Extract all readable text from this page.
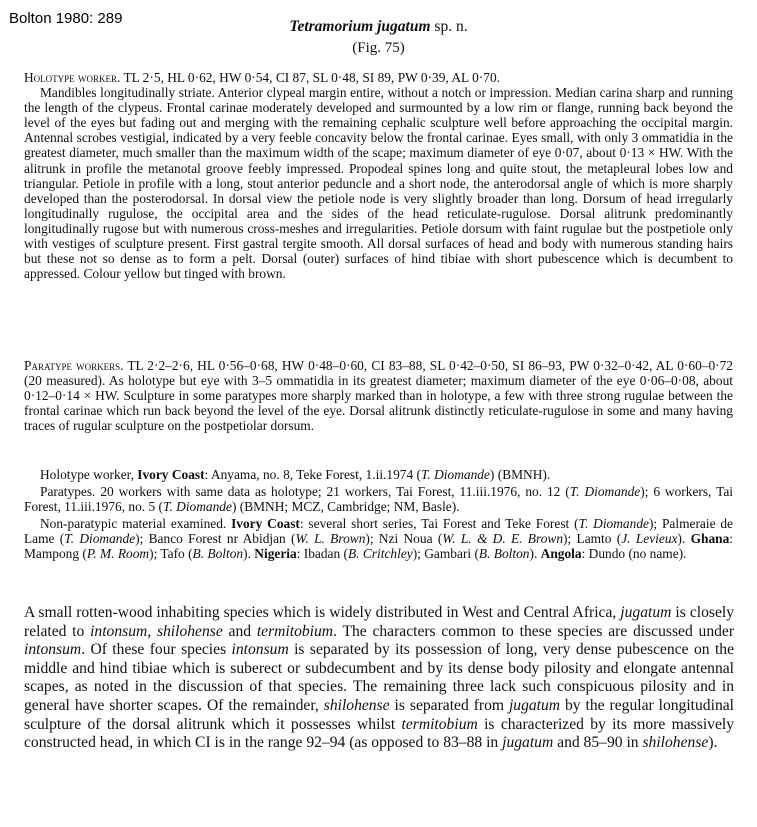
Bolton 1980: 289	Tetramorium jugatum sp. n.
(Fig. 75)

Holotype worker. TL 2·5, HL 0·62, HW 0·54, CI 87, SL 0·48, SI 89, PW 0·39, AL 0·70.

Mandibles longitudinally striate. Anterior clypeal margin entire, without a notch or impression. Median carina sharp and running the length of the clypeus. Frontal carinae moderately developed and surmounted by a low rim or flange, running back beyond the level of the eyes but fading out and merging with the remaining cephalic sculpture well before approaching the occipital margin. Antennal scrobes vestigial, indicated by a very feeble concavity below the frontal carinae. Eyes small, with only 3 ommatidia in the greatest diameter, much smaller than the maximum width of the scape; maximum diameter of eye 0·07, about 0·13 × HW. With the alitrunk in profile the metanotal groove feebly impressed. Propodeal spines long and quite stout, the metapleural lobes low and triangular. Petiole in profile with a long, stout anterior peduncle and a short node, the anterodorsal angle of which is more sharply developed than the posterodorsal. In dorsal view the petiole node is very slightly broader than long. Dorsum of head irregularly longitudinally rugulose, the occipital area and the sides of the head reticulate-rugulose. Dorsal alitrunk predominantly longitudinally rugose but with numerous cross-meshes and irregularities. Petiole dorsum with faint rugulae but the postpetiole only with vestiges of sculpture present. First gastral tergite smooth. All dorsal surfaces of head and body with numerous standing hairs but these not so dense as to form a pelt. Dorsal (outer) surfaces of hind tibiae with short pubescence which is decumbent to appressed. Colour yellow but tinged with brown.

Paratype workers. TL 2·2–2·6, HL 0·56–0·68, HW 0·48–0·60, CI 83–88, SL 0·42–0·50, SI 86–93, PW 0·32–0·42, AL 0·60–0·72 (20 measured). As holotype but eye with 3–5 ommatidia in its greatest diameter; maximum diameter of the eye 0·06–0·08, about 0·12–0·14 × HW. Sculpture in some paratypes more sharply marked than in holotype, a few with three strong rugulae between the frontal carinae which run back beyond the level of the eye. Dorsal alitrunk distinctly reticulate-rugulose in some and many having traces of rugular sculpture on the postpetiolar dorsum.

Holotype worker, Ivory Coast: Anyama, no. 8, Teke Forest, 1.ii.1974 (T. Diomande) (BMNH).

Paratypes. 20 workers with same data as holotype; 21 workers, Tai Forest, 11.iii.1976, no. 12 (T. Diomande); 6 workers, Tai Forest, 11.iii.1976, no. 5 (T. Diomande) (BMNH; MCZ, Cambridge; NM, Basle).

Non-paratypic material examined. Ivory Coast: several short series, Tai Forest and Teke Forest (T. Diomande); Palmeraie de Lame (T. Diomande); Banco Forest nr Abidjan (W. L. Brown); Nzi Noua (W. L. & D. E. Brown); Lamto (J. Levieux). Ghana: Mampong (P. M. Room); Tafo (B. Bolton). Nigeria: Ibadan (B. Critchley); Gambari (B. Bolton). Angola: Dundo (no name).

A small rotten-wood inhabiting species which is widely distributed in West and Central Africa, jugatum is closely related to intonsum, shilohense and termitobium. The characters common to these species are discussed under intonsum. Of these four species intonsum is separated by its possession of long, very dense pubescence on the middle and hind tibiae which is suberect or subdecumbent and by its dense body pilosity and elongate antennal scapes, as noted in the discussion of that species. The remaining three lack such conspicuous pilosity and in general have shorter scapes. Of the remainder, shilohense is separated from jugatum by the regular longitudinal sculpture of the dorsal alitrunk which it possesses whilst termitobium is characterized by its more massively constructed head, in which CI is in the range 92–94 (as opposed to 83–88 in jugatum and 85–90 in shilohense).
